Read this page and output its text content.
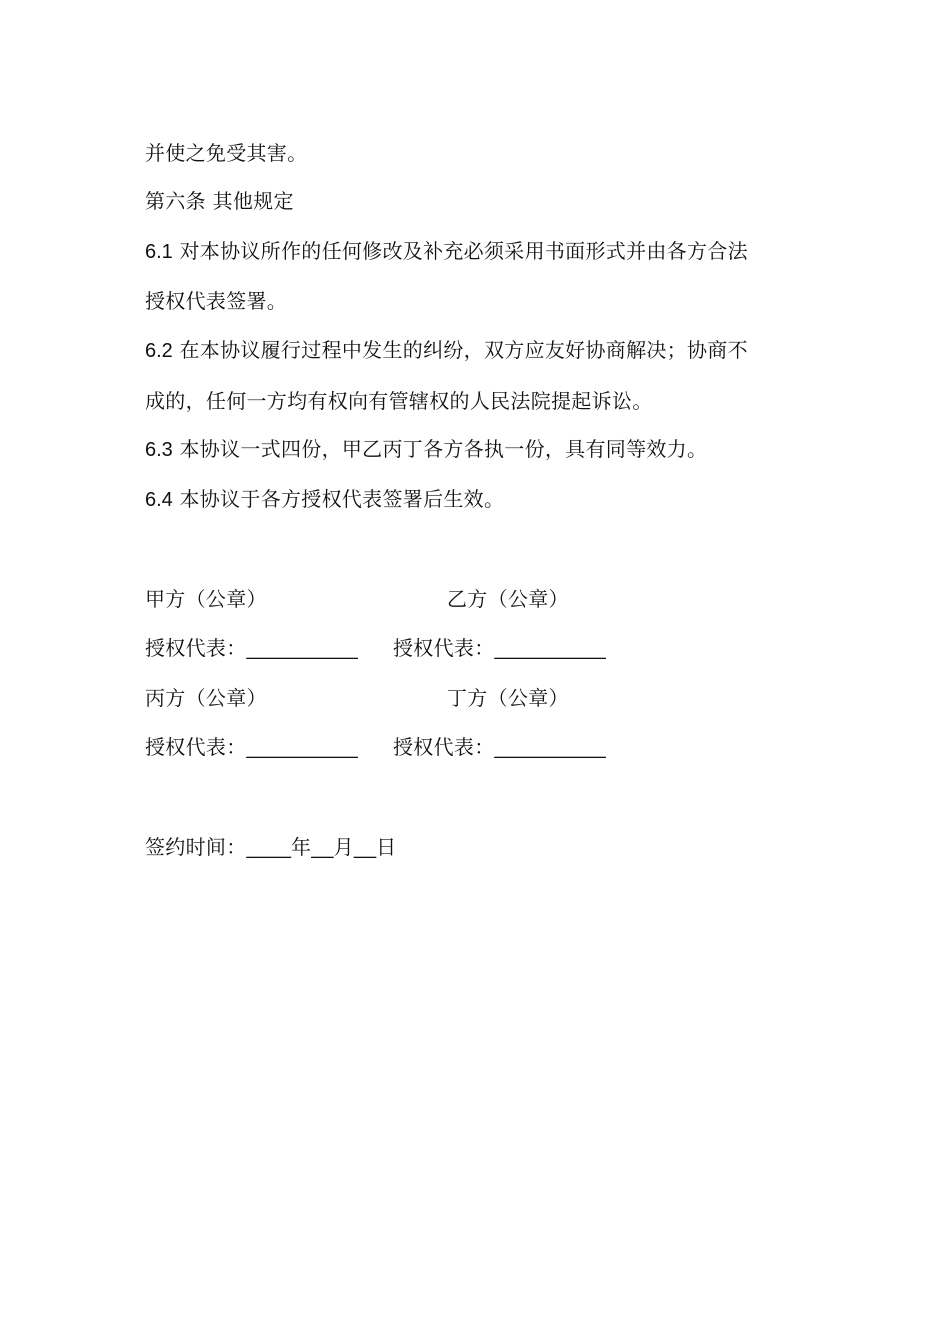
并使之免受其害。
第六条 其他规定
6.1 对本协议所作的任何修改及补充必须采用书面形式并由各方合法
授权代表签署。
6.2 在本协议履行过程中发生的纠纷，双方应友好协商解决；协商不
成的，任何一方均有权向有管辖权的人民法院提起诉讼。
6.3 本协议一式四份，甲乙丙丁各方各执一份，具有同等效力。
6.4 本协议于各方授权代表签署后生效。
甲方（公章）	乙方（公章）
授权代表：__________ 授权代表：__________
丙方（公章）	丁方（公章）
授权代表：__________ 授权代表：__________
签约时间：____年__月__日
